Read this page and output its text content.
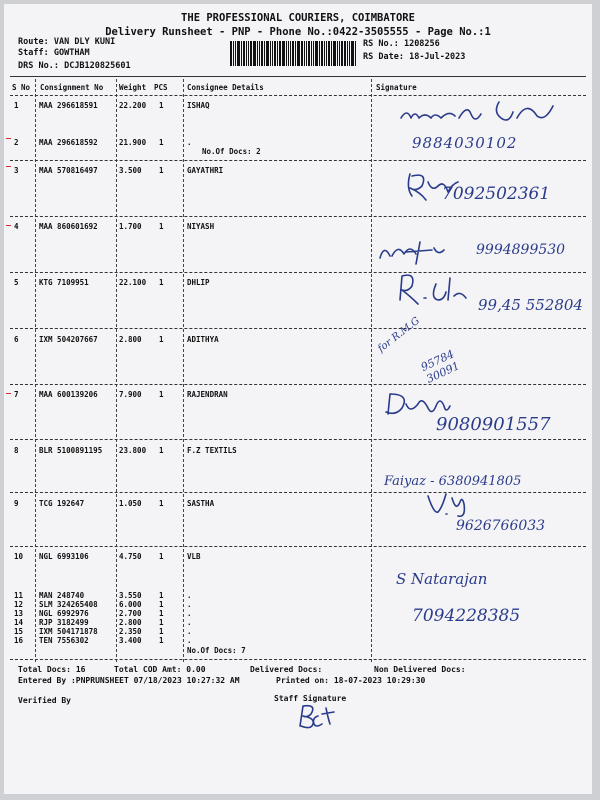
THE PROFESSIONAL COURIERS, COIMBATORE
Delivery Runsheet - PNP - Phone No.:0422-3505555 - Page No.:1
Route: VAN DLY KUNI
Staff: GOWTHAM
DRS No.: DCJB120825601
RS No.: 1208256
RS Date: 18-Jul-2023
S No Consignment No Weight PCS	Consignee Details	Signature
1	MAA 296618591	22.200 1	ISHAQ
2	MAA 296618592	21.900 1	.
No.Of Docs: 2
3	MAA 570816497	3.500 1	GAYATHRI
4	MAA 860601692	1.700 1	NIYASH
5	KTG 7109951	22.100 1	DHLIP
6	IXM 504207667	2.800 1	ADITHYA
7	MAA 600139206	7.900 1	RAJENDRAN
8	BLR 5100891195 23.800 1	F.Z TEXTILS
9	TCG 192647	1.050 1	SASTHA
10 NGL 6993106	4.750 1	VLB
11 MAN 248740	3.550 1	.
12 SLM 324265408	6.000 1	.
13 NGL 6992976	2.700 1	.
14 RJP 3182499	2.800 1	.
15 IXM 504171878	2.350 1	.
16 TEN 7556302	3.400 1	.
No.Of Docs: 7
9884030102
7092502361
9994899530
99,45 552804
for R.M.G
95784 30091
9080901557
Faiyaz - 6380941805
9626766033
S Natarajan
7094228385
Total Docs: 16	Total COD Amt: 0.00	Delivered Docs:	Non Delivered Docs:
Entered By :PNPRUNSHEET 07/18/2023 10:27:32 AM	Printed on: 18-07-2023 10:29:30
Verified By	Staff Signature
